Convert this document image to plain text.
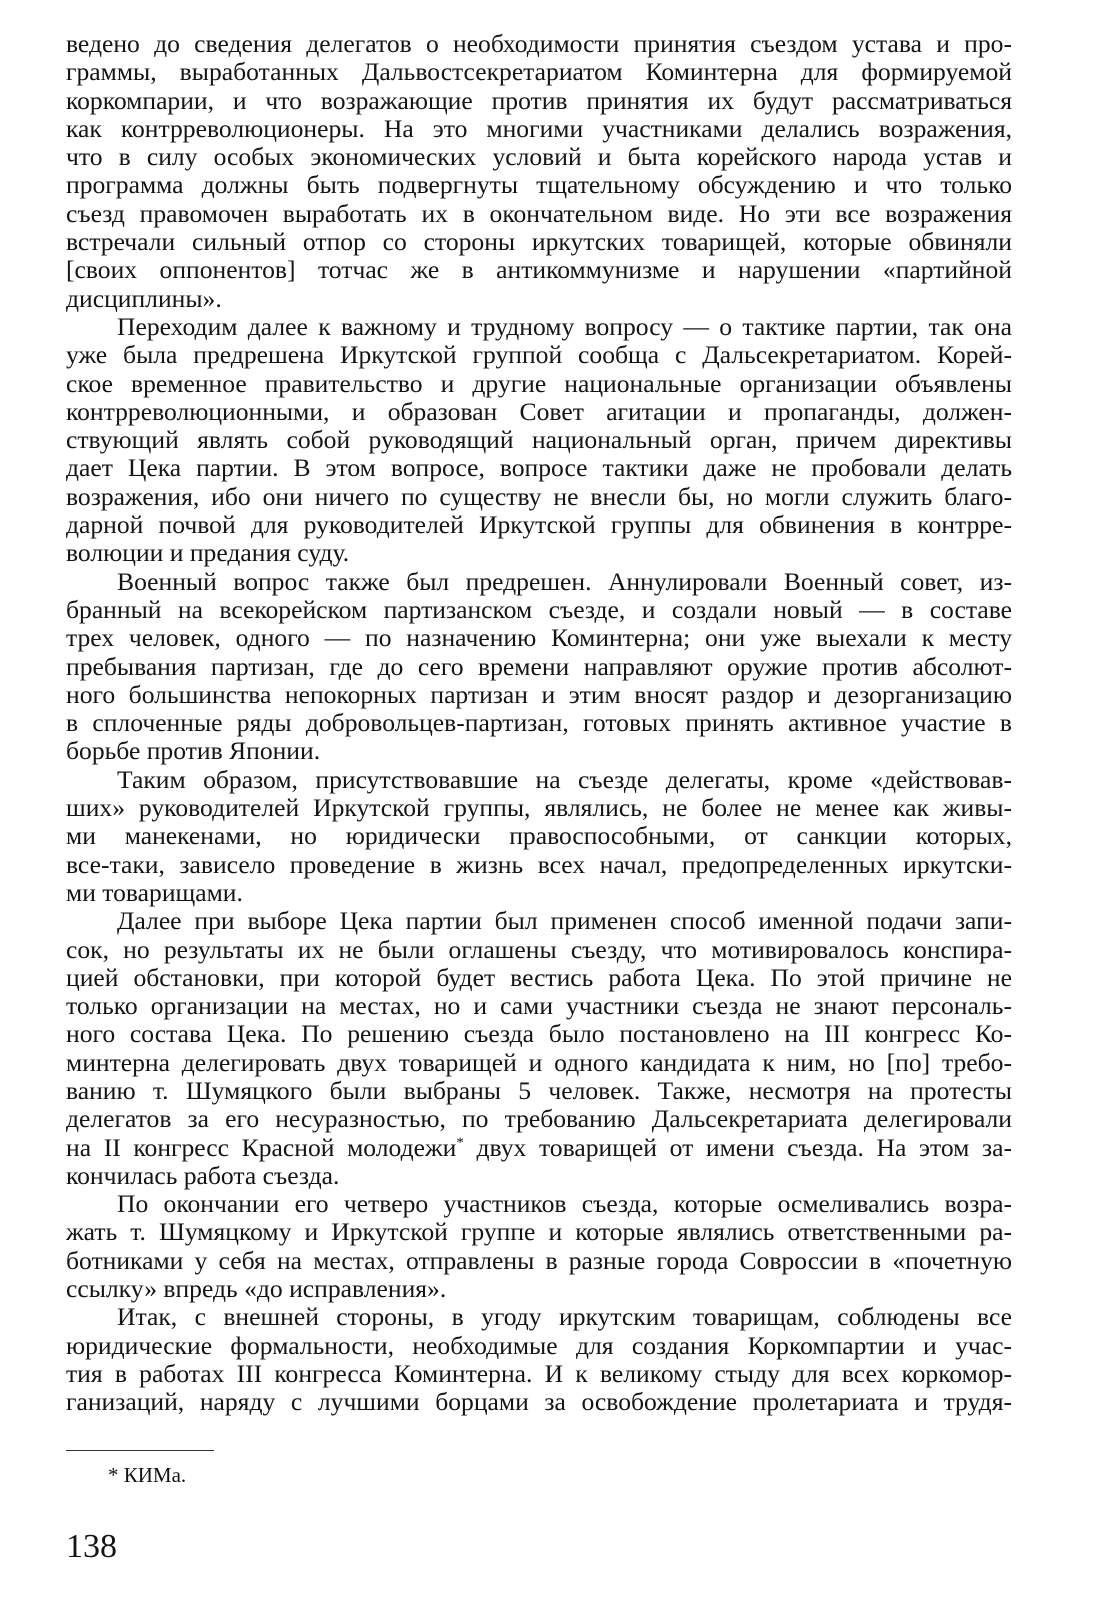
ведено до сведения делегатов о необходимости принятия съездом устава и про-
граммы, выработанных Дальвостсекретариатом Коминтерна для формируемой
коркомпарии, и что возражающие против принятия их будут рассматриваться
как контрреволюционеры. На это многими участниками делались возражения,
что в силу особых экономических условий и быта корейского народа устав и
программа должны быть подвергнуты тщательному обсуждению и что только
съезд правомочен выработать их в окончательном виде. Но эти все возражения
встречали сильный отпор со стороны иркутских товарищей, которые обвиняли
[своих оппонентов] тотчас же в антикоммунизме и нарушении «партийной
дисциплины».
Переходим далее к важному и трудному вопросу — о тактике партии, так она
уже была предрешена Иркутской группой сообща с Дальсекретариатом. Корей-
ское временное правительство и другие национальные организации объявлены
контрреволюционными, и образован Совет агитации и пропаганды, должен-
ствующий являть собой руководящий национальный орган, причем директивы
дает Цека партии. В этом вопросе, вопросе тактики даже не пробовали делать
возражения, ибо они ничего по существу не внесли бы, но могли служить благо-
дарной почвой для руководителей Иркутской группы для обвинения в контрре-
волюции и предания суду.
Военный вопрос также был предрешен. Аннулировали Военный совет, из-
бранный на всекорейском партизанском съезде, и создали новый — в составе
трех человек, одного — по назначению Коминтерна; они уже выехали к месту
пребывания партизан, где до сего времени направляют оружие против абсолют-
ного большинства непокорных партизан и этим вносят раздор и дезорганизацию
в сплоченные ряды добровольцев-партизан, готовых принять активное участие в
борьбе против Японии.
Таким образом, присутствовавшие на съезде делегаты, кроме «действовав-
ших» руководителей Иркутской группы, являлись, не более не менее как живы-
ми манекенами, но юридически правоспособными, от санкции которых,
все-таки, зависело проведение в жизнь всех начал, предопределенных иркутски-
ми товарищами.
Далее при выборе Цека партии был применен способ именной подачи запи-
сок, но результаты их не были оглашены съезду, что мотивировалось конспира-
цией обстановки, при которой будет вестись работа Цека. По этой причине не
только организации на местах, но и сами участники съезда не знают персональ-
ного состава Цека. По решению съезда было постановлено на III конгресс Ко-
минтерна делегировать двух товарищей и одного кандидата к ним, но [по] требо-
ванию т. Шумяцкого были выбраны 5 человек. Также, несмотря на протесты
делегатов за его несуразностью, по требованию Дальсекретариата делегировали
на II конгресс Красной молодежи* двух товарищей от имени съезда. На этом за-
кончилась работа съезда.
По окончании его четверо участников съезда, которые осмеливались возра-
жать т. Шумяцкому и Иркутской группе и которые являлись ответственными ра-
ботниками у себя на местах, отправлены в разные города Совроссии в «почетную
ссылку» впредь «до исправления».
Итак, с внешней стороны, в угоду иркутским товарищам, соблюдены все
юридические формальности, необходимые для создания Коркомпартии и учас-
тия в работах III конгресса Коминтерна. И к великому стыду для всех коркомор-
ганизаций, наряду с лучшими борцами за освобождение пролетариата и трудя-
* КИМа.
138
